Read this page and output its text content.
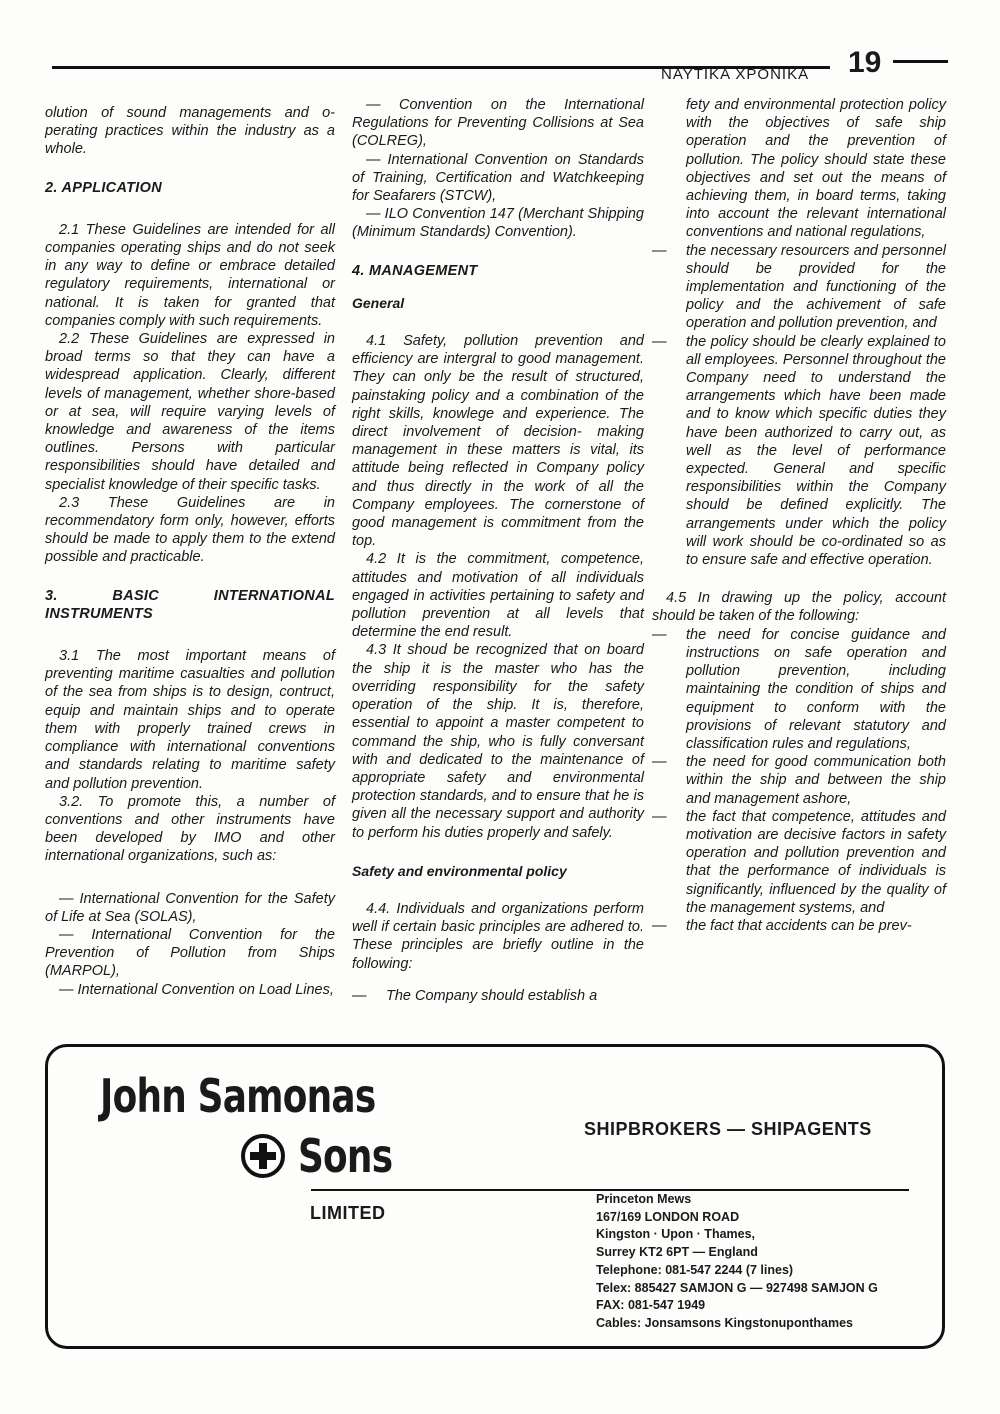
ΝΑΥΤΙΚΑ ΧΡΟΝΙΚΑ 19

olution of sound managements and o-perating practices within the industry as a whole.

2. APPLICATION

2.1 These Guidelines are intended for all companies operating ships and do not seek in any way to define or embrace detailed regulatory requirements, international or national. It is taken for granted that companies comply with such requirements.

2.2 These Guidelines are expressed in broad terms so that they can have a widespread application. Clearly, different levels of management, whether shore-based or at sea, will require varying levels of knowledge and awareness of the items outlines. Persons with particular responsibilities should have detailed and specialist knowledge of their specific tasks.

2.3 These Guidelines are in recommendatory form only, however, efforts should be made to apply them to the extend possible and practicable.

3. BASIC INTERNATIONAL INSTRUMENTS

3.1 The most important means of preventing maritime casualties and pollution of the sea from ships is to design, contruct, equip and maintain ships and to operate them with properly trained crews in compliance with international conventions and standards relating to maritime safety and pollution prevention.

3.2. To promote this, a number of conventions and other instruments have been developed by IMO and other international organizations, such as:

— International Convention for the Safety of Life at Sea (SOLAS),

— International Convention for the Prevention of Pollution from Ships (MARPOL),

— International Convention on Load Lines,

— Convention on the International Regulations for Preventing Collisions at Sea (COLREG),

— International Convention on Standards of Training, Certification and Watchkeeping for Seafarers (STCW),

— ILO Convention 147 (Merchant Shipping (Minimum Standards) Convention).

4. MANAGEMENT
General

4.1 Safety, pollution prevention and efficiency are intergral to good management. They can only be the result of structured, painstaking policy and a combination of the right skills, knowlege and experience. The direct involvement of decision- making management in these matters is vital, its attitude being reflected in Company policy and thus directly in the work of all the Company employees. The cornerstone of good management is commitment from the top.

4.2 It is the commitment, competence, attitudes and motivation of all individuals engaged in activities pertaining to safety and pollution prevention at all levels that determine the end result.

4.3 It shoud be recognized that on board the ship it is the master who has the overriding responsibility for the safety operation of the ship. It is, therefore, essential to appoint a master competent to command the ship, who is fully conversant with and dedicated to the maintenance of appropriate safety and environmental protection standards, and to ensure that he is given all the necessary support and authority to perform his duties properly and safely.

Safety and environmental policy

4.4. Individuals and organizations perform well if certain basic principles are adhered to. These principles are briefly outline in the following:

—	The Company should establish a
fety and environmental protection policy with the objectives of safe ship operation and the prevention of pollution. The policy should state these objectives and set out the means of achieving them, in board terms, taking into account the relevant international conventions and national regulations,
—	the necessary resourcers and personnel should be provided for the implementation and functioning of the policy and the achivement of safe operation and pollution prevention, and
—	the policy should be clearly explained to all employees. Personnel throughout the Company need to understand the arrangements which have been made and to know which specific duties they have been authorized to carry out, as well as the level of performance expected. General and specific responsibilities within the Company should be defined explicitly. The arrangements under which the policy will work should be co-ordinated so as to ensure safe and effective operation.

4.5 In drawing up the policy, account should be taken of the following:

—	the need for concise guidance and instructions on safe operation and pollution prevention, including maintaining the condition of ships and equipment to conform with the provisions of relevant statutory and classification rules and regulations,
—	the need for good communication both within the ship and between the ship and management ashore,
—	the fact that competence, attitudes and motivation are decisive factors in safety operation and pollution prevention and that the performance of individuals is significantly, influenced by the quality of the management systems, and
—	the fact that accidents can be prev-
John Samonas
Sons	SHIPBROKERS — SHIPAGENTS
LIMITED
Princeton Mews
167/169 LONDON ROAD
Kingston · Upon · Thames,
Surrey KT2 6PT — England
Telephone: 081-547 2244 (7 lines)
Telex: 885427 SAMJON G — 927498 SAMJON G
FAX: 081-547 1949
Cables: Jonsamsons Kingstonuponthames
